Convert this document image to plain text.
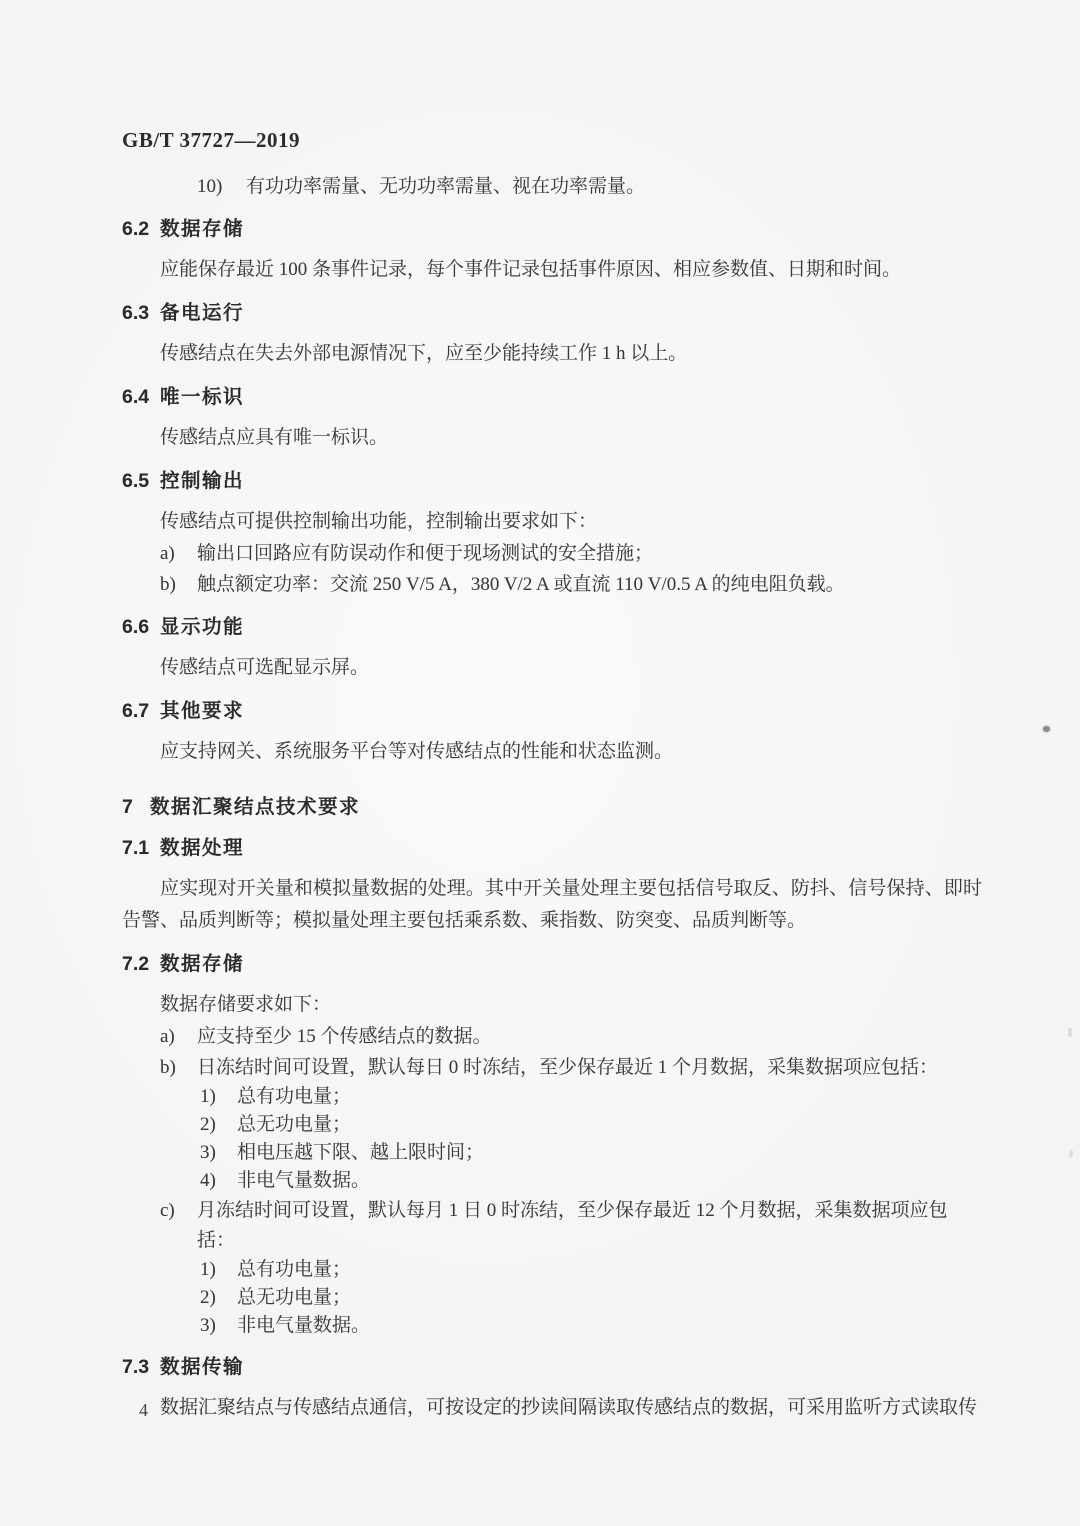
GB/T 37727—2019
10)	有功功率需量、无功功率需量、视在功率需量。
6.2 数据存储
应能保存最近 100 条事件记录，每个事件记录包括事件原因、相应参数值、日期和时间。
6.3 备电运行
传感结点在失去外部电源情况下，应至少能持续工作 1 h 以上。
6.4 唯一标识
传感结点应具有唯一标识。
6.5 控制输出
传感结点可提供控制输出功能，控制输出要求如下：
a)	输出口回路应有防误动作和便于现场测试的安全措施；
b)	触点额定功率：交流 250 V/5 A，380 V/2 A 或直流 110 V/0.5 A 的纯电阻负载。
6.6 显示功能
传感结点可选配显示屏。
6.7 其他要求
应支持网关、系统服务平台等对传感结点的性能和状态监测。
7 数据汇聚结点技术要求
7.1 数据处理
应实现对开关量和模拟量数据的处理。其中开关量处理主要包括信号取反、防抖、信号保持、即时告警、品质判断等；模拟量处理主要包括乘系数、乘指数、防突变、品质判断等。
7.2 数据存储
数据存储要求如下：
a)	应支持至少 15 个传感结点的数据。
b)	日冻结时间可设置，默认每日 0 时冻结，至少保存最近 1 个月数据，采集数据项应包括：
1)	总有功电量；
2)	总无功电量；
3)	相电压越下限、越上限时间；
4)	非电气量数据。
c)	月冻结时间可设置，默认每月 1 日 0 时冻结，至少保存最近 12 个月数据，采集数据项应包括：
1)	总有功电量；
2)	总无功电量；
3)	非电气量数据。
7.3 数据传输
数据汇聚结点与传感结点通信，可按设定的抄读间隔读取传感结点的数据，可采用监听方式读取传
4
